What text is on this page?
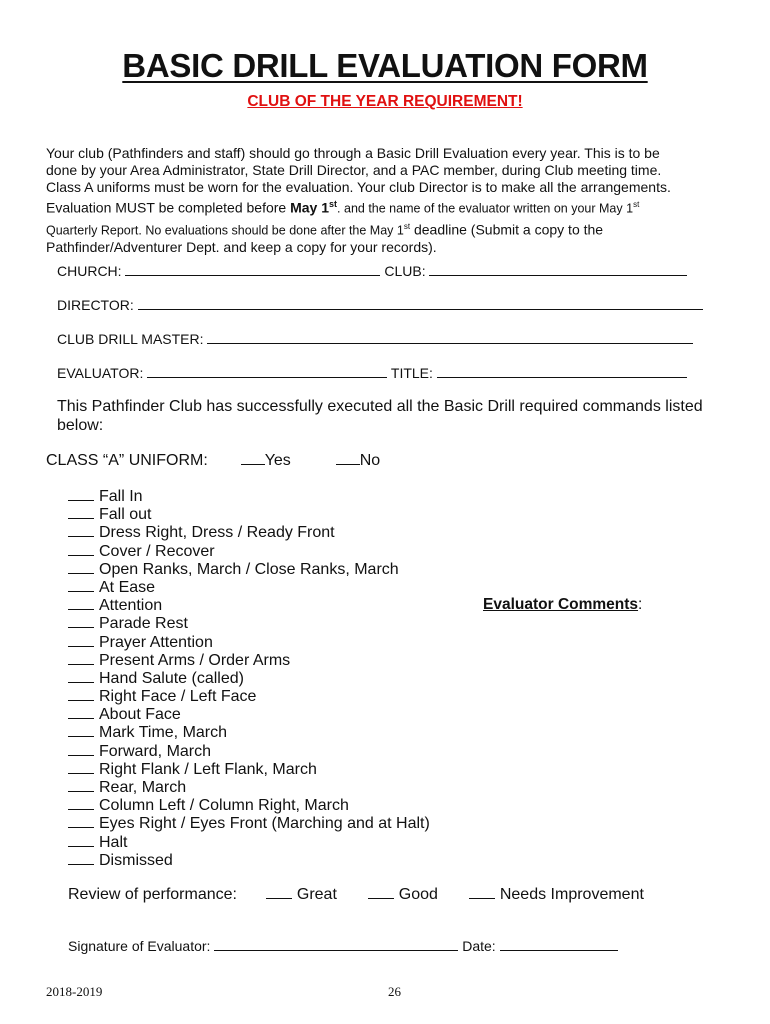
BASIC DRILL EVALUATION FORM
CLUB OF THE YEAR REQUIREMENT!
Your club (Pathfinders and staff) should go through a Basic Drill Evaluation every year. This is to be
done by your Area Administrator, State Drill Director, and a PAC member, during Club meeting time.
Class A uniforms must be worn for the evaluation. Your club Director is to make all the arrangements.
Evaluation MUST be completed before May 1st. and the name of the evaluator written on your May 1st
Quarterly Report. No evaluations should be done after the May 1st deadline (Submit a copy to the
Pathfinder/Adventurer Dept. and keep a copy for your records).
CHURCH:	CLUB:
DIRECTOR:
CLUB DRILL MASTER:
EVALUATOR:	TITLE:
This Pathfinder Club has successfully executed all the Basic Drill required commands listed below:
CLASS “A” UNIFORM:	Yes	No
Fall In
Fall out
Dress Right, Dress / Ready Front
Cover / Recover
Open Ranks, March / Close Ranks, March
At Ease
Attention
Parade Rest
Prayer Attention
Present Arms / Order Arms
Hand Salute (called)
Right Face / Left Face
About Face
Mark Time, March
Forward, March
Right Flank / Left Flank, March
Rear, March
Column Left / Column Right, March
Eyes Right / Eyes Front (Marching and at Halt)
Halt
Dismissed
Evaluator Comments:
Review of performance:	Great	Good	Needs Improvement
Signature of Evaluator:	Date:
2018-2019	26
